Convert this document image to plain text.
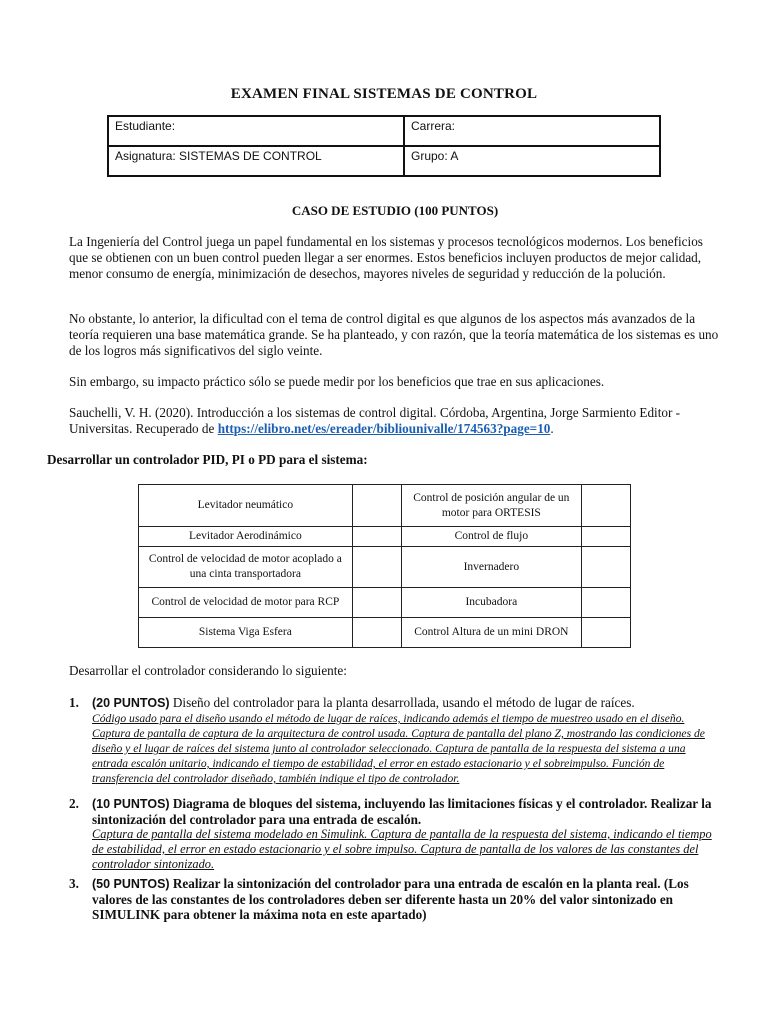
EXAMEN FINAL SISTEMAS DE CONTROL
Estudiante:	Carrera:
Asignatura: SISTEMAS DE CONTROL	Grupo: A
CASO DE ESTUDIO (100 PUNTOS)
La Ingeniería del Control juega un papel fundamental en los sistemas y procesos tecnológicos modernos. Los beneficios que se obtienen con un buen control pueden llegar a ser enormes. Estos beneficios incluyen productos de mejor calidad, menor consumo de energía, minimización de desechos, mayores niveles de seguridad y reducción de la polución.
No obstante, lo anterior, la dificultad con el tema de control digital es que algunos de los aspectos más avanzados de la teoría requieren una base matemática grande. Se ha planteado, y con razón, que la teoría matemática de los sistemas es uno de los logros más significativos del siglo veinte.
Sin embargo, su impacto práctico sólo se puede medir por los beneficios que trae en sus aplicaciones.
Sauchelli, V. H. (2020). Introducción a los sistemas de control digital. Córdoba, Argentina, Jorge Sarmiento Editor - Universitas. Recuperado de https://elibro.net/es/ereader/bibliounivalle/174563?page=10.
Desarrollar un controlador PID, PI o PD para el sistema:
Levitador neumático		Control de posición angular de un motor para ORTESIS	
Levitador Aerodinámico		Control de flujo	
Control de velocidad de motor acoplado a una cinta transportadora		Invernadero	
Control de velocidad de motor para RCP		Incubadora	
Sistema Viga Esfera		Control Altura de un mini DRON	
Desarrollar el controlador considerando lo siguiente:
1.	(20 PUNTOS) Diseño del controlador para la planta desarrollada, usando el método de lugar de raíces.
Código usado para el diseño usando el método de lugar de raíces, indicando además el tiempo de muestreo usado en el diseño. Captura de pantalla de captura de la arquitectura de control usada. Captura de pantalla del plano Z, mostrando las condiciones de diseño y el lugar de raíces del sistema junto al controlador seleccionado. Captura de pantalla de la respuesta del sistema a una entrada escalón unitario, indicando el tiempo de estabilidad, el error en estado estacionario y el sobreimpulso. Función de transferencia del controlador diseñado, también indique el tipo de controlador.
2.	(10 PUNTOS) Diagrama de bloques del sistema, incluyendo las limitaciones físicas y el controlador. Realizar la sintonización del controlador para una entrada de escalón.
Captura de pantalla del sistema modelado en Simulink. Captura de pantalla de la respuesta del sistema, indicando el tiempo de estabilidad, el error en estado estacionario y el sobre impulso. Captura de pantalla de los valores de las constantes del controlador sintonizado.
3.	(50 PUNTOS) Realizar la sintonización del controlador para una entrada de escalón en la planta real. (Los valores de las constantes de los controladores deben ser diferente hasta un 20% del valor sintonizado en SIMULINK para obtener la máxima nota en este apartado)
